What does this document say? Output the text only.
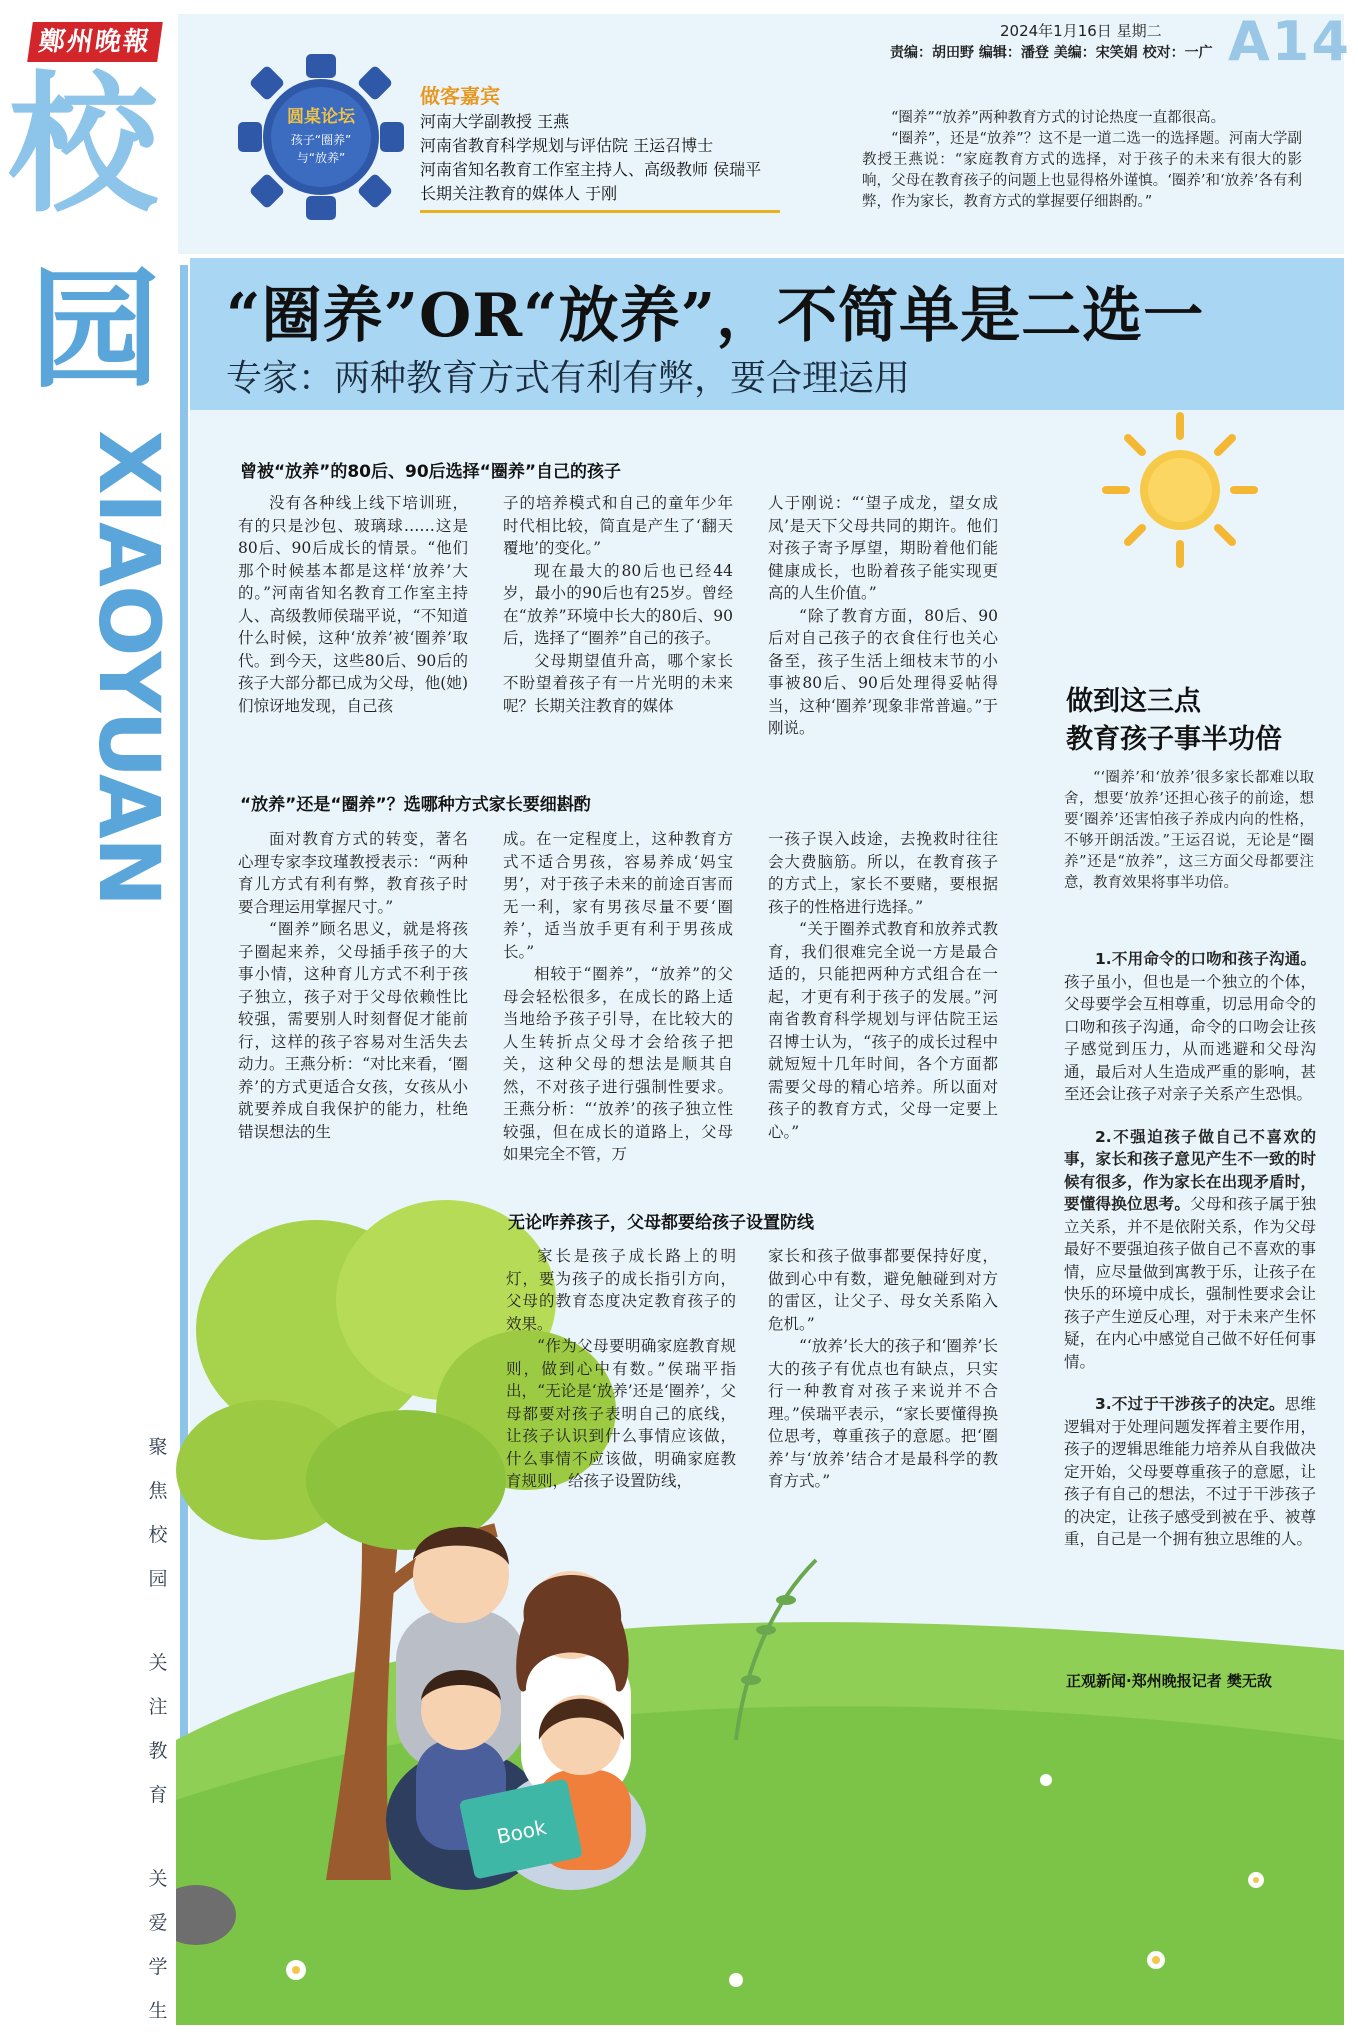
鄭州晚報
校
园
XIAOYUAN
2024年1月16日 星期二
责编：胡田野 编辑：潘登 美编：宋笑娟 校对：一广 A14
聚
焦
校
园
关
注
教
育
关
爱
学
生
圆桌论坛
孩子“圈养”
与“放养”
做客嘉宾
河南大学副教授 王燕
河南省教育科学规划与评估院 王运召博士
河南省知名教育工作室主持人、高级教师 侯瑞平
长期关注教育的媒体人 于刚

“圈养”“放养”两种教育方式的讨论热度一直都很高。

“圈养”，还是“放养”？这不是一道二选一的选择题。河南大学副教授王燕说：“家庭教育方式的选择，对于孩子的未来有很大的影响，父母在教育孩子的问题上也显得格外谨慎。‘圈养’和‘放养’各有利弊，作为家长，教育方式的掌握要仔细斟酌。”

“圈养”OR“放养”，不简单是二选一
专家：两种教育方式有利有弊，要合理运用
曾被“放养”的80后、90后选择“圈养”自己的孩子

没有各种线上线下培训班，有的只是沙包、玻璃球……这是80后、90后成长的情景。“他们那个时候基本都是这样‘放养’大的。”河南省知名教育工作室主持人、高级教师侯瑞平说，“不知道什么时候，这种‘放养’被‘圈养’取代。到今天，这些80后、90后的孩子大部分都已成为父母，他(她)们惊讶地发现，自己孩

子的培养模式和自己的童年少年时代相比较，简直是产生了‘翻天覆地’的变化。”

现在最大的80后也已经44岁，最小的90后也有25岁。曾经在“放养”环境中长大的80后、90后，选择了“圈养”自己的孩子。

父母期望值升高，哪个家长不盼望着孩子有一片光明的未来呢？长期关注教育的媒体

人于刚说：“‘望子成龙，望女成凤’是天下父母共同的期许。他们对孩子寄予厚望，期盼着他们能健康成长，也盼着孩子能实现更高的人生价值。”

“除了教育方面，80后、90后对自己孩子的衣食住行也关心备至，孩子生活上细枝末节的小事被80后、90后处理得妥帖得当，这种‘圈养’现象非常普遍。”于刚说。

“放养”还是“圈养”？选哪种方式家长要细斟酌

面对教育方式的转变，著名心理专家李玟瑾教授表示：“两种育儿方式有利有弊，教育孩子时要合理运用掌握尺寸。”

“圈养”顾名思义，就是将孩子圈起来养，父母插手孩子的大事小情，这种育儿方式不利于孩子独立，孩子对于父母依赖性比较强，需要别人时刻督促才能前行，这样的孩子容易对生活失去动力。王燕分析：“对比来看，‘圈养’的方式更适合女孩，女孩从小就要养成自我保护的能力，杜绝错误想法的生

成。在一定程度上，这种教育方式不适合男孩，容易养成‘妈宝男’，对于孩子未来的前途百害而无一利，家有男孩尽量不要‘圈养’，适当放手更有利于男孩成长。”

相较于“圈养”，“放养”的父母会轻松很多，在成长的路上适当地给予孩子引导，在比较大的人生转折点父母才会给孩子把关，这种父母的想法是顺其自然，不对孩子进行强制性要求。王燕分析：“‘放养’的孩子独立性较强，但在成长的道路上，父母如果完全不管，万

一孩子误入歧途，去挽救时往往会大费脑筋。所以，在教育孩子的方式上，家长不要赌，要根据孩子的性格进行选择。”

“关于圈养式教育和放养式教育，我们很难完全说一方是最合适的，只能把两种方式组合在一起，才更有利于孩子的发展。”河南省教育科学规划与评估院王运召博士认为，“孩子的成长过程中就短短十几年时间，各个方面都需要父母的精心培养。所以面对孩子的教育方式，父母一定要上心。”

Book
无论咋养孩子，父母都要给孩子设置防线

家长是孩子成长路上的明灯，要为孩子的成长指引方向，父母的教育态度决定教育孩子的效果。

“作为父母要明确家庭教育规则，做到心中有数。”侯瑞平指出，“无论是‘放养’还是‘圈养’，父母都要对孩子表明自己的底线，让孩子认识到什么事情应该做，什么事情不应该做，明确家庭教育规则，给孩子设置防线，

家长和孩子做事都要保持好度，做到心中有数，避免触碰到对方的雷区，让父子、母女关系陷入危机。”

“‘放养’长大的孩子和‘圈养’长大的孩子有优点也有缺点，只实行一种教育对孩子来说并不合理。”侯瑞平表示，“家长要懂得换位思考，尊重孩子的意愿。把‘圈养’与‘放养’结合才是最科学的教育方式。”

做到这三点
教育孩子事半功倍

“‘圈养’和‘放养’很多家长都难以取舍，想要‘放养’还担心孩子的前途，想要‘圈养’还害怕孩子养成内向的性格，不够开朗活泼。”王运召说，无论是“圈养”还是“放养”，这三方面父母都要注意，教育效果将事半功倍。

1.不用命令的口吻和孩子沟通。孩子虽小，但也是一个独立的个体，父母要学会互相尊重，切忌用命令的口吻和孩子沟通，命令的口吻会让孩子感觉到压力，从而逃避和父母沟通，最后对人生造成严重的影响，甚至还会让孩子对亲子关系产生恐惧。

2.不强迫孩子做自己不喜欢的事，家长和孩子意见产生不一致的时候有很多，作为家长在出现矛盾时，要懂得换位思考。父母和孩子属于独立关系，并不是依附关系，作为父母最好不要强迫孩子做自己不喜欢的事情，应尽量做到寓教于乐，让孩子在快乐的环境中成长，强制性要求会让孩子产生逆反心理，对于未来产生怀疑，在内心中感觉自己做不好任何事情。

3.不过于干涉孩子的决定。思维逻辑对于处理问题发挥着主要作用，孩子的逻辑思维能力培养从自我做决定开始，父母要尊重孩子的意愿，让孩子有自己的想法，不过于干涉孩子的决定，让孩子感受到被在乎、被尊重，自己是一个拥有独立思维的人。

正观新闻·郑州晚报记者 樊无敌
